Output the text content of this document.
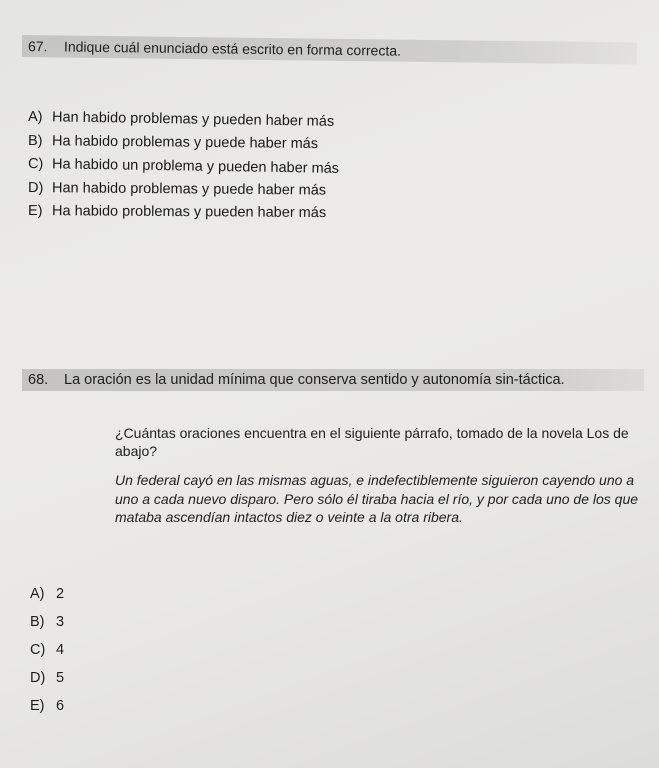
67.	Indique cuál enunciado está escrito en forma correcta.
A) Han habido problemas y pueden haber más
B) Ha habido problemas y puede haber más
C) Ha habido un problema y pueden haber más
D) Han habido problemas y puede haber más
E) Ha habido problemas y pueden haber más
68.	La oración es la unidad mínima que conserva sentido y autonomía sin-táctica.
¿Cuántas oraciones encuentra en el siguiente párrafo, tomado de la novela Los de abajo?
Un federal cayó en las mismas aguas, e indefectiblemente siguieron cayendo uno a uno a cada nuevo disparo. Pero sólo él tiraba hacia el río, y por cada uno de los que mataba ascendían intactos diez o veinte a la otra ribera.
A) 2
B) 3
C) 4
D) 5
E) 6
